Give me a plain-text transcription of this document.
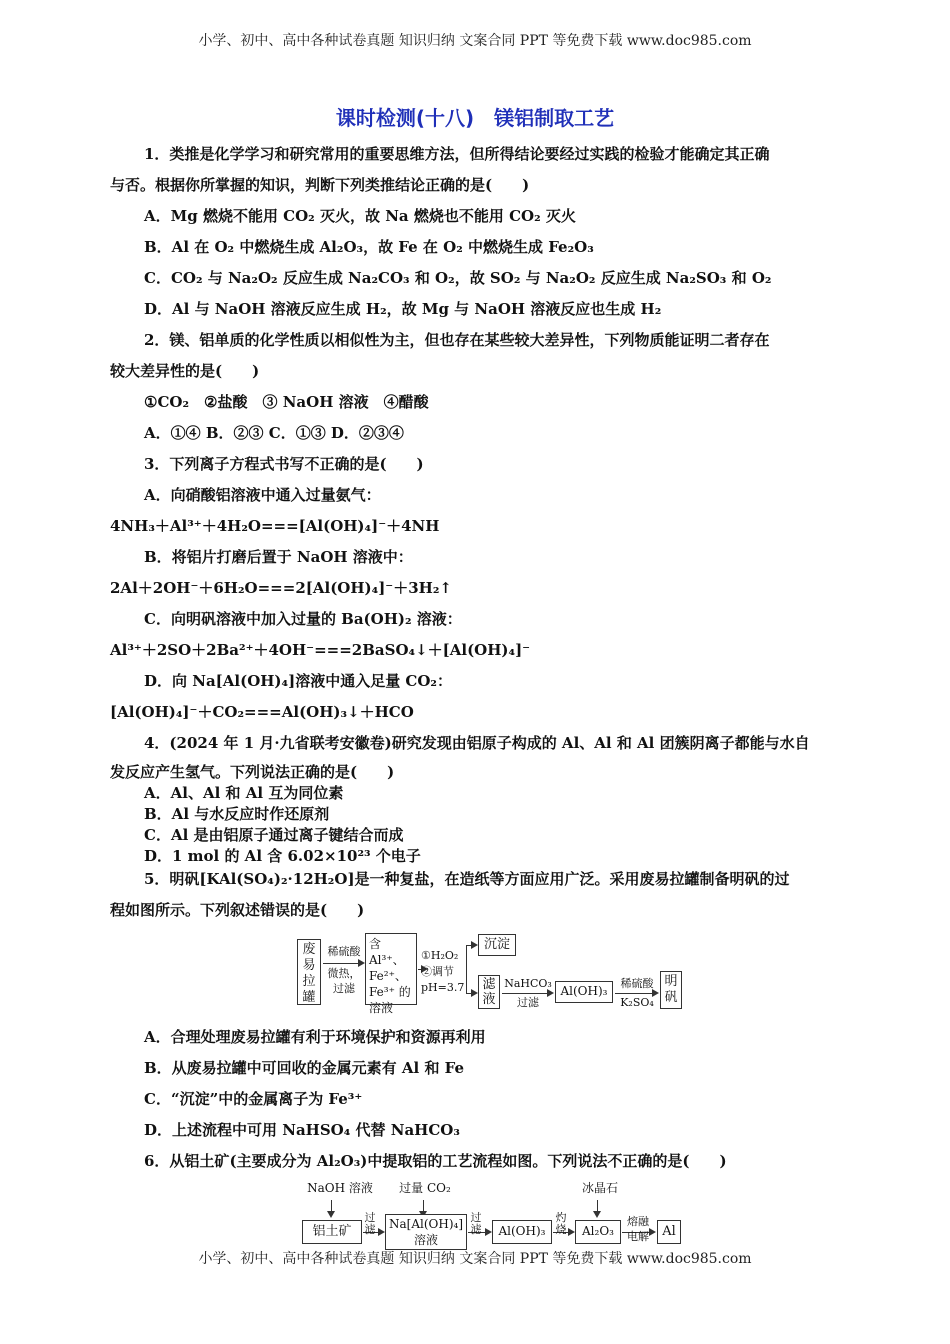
小学、初中、高中各种试卷真题 知识归纳 文案合同 PPT 等免费下载 www.doc985.com
课时检测(十八)　镁铝制取工艺
1．类推是化学学习和研究常用的重要思维方法，但所得结论要经过实践的检验才能确定其正确
与否。根据你所掌握的知识，判断下列类推结论正确的是(　　)
A．Mg 燃烧不能用 CO₂ 灭火，故 Na 燃烧也不能用 CO₂ 灭火
B．Al 在 O₂ 中燃烧生成 Al₂O₃，故 Fe 在 O₂ 中燃烧生成 Fe₂O₃
C．CO₂ 与 Na₂O₂ 反应生成 Na₂CO₃ 和 O₂，故 SO₂ 与 Na₂O₂ 反应生成 Na₂SO₃ 和 O₂
D．Al 与 NaOH 溶液反应生成 H₂，故 Mg 与 NaOH 溶液反应也生成 H₂
2．镁、铝单质的化学性质以相似性为主，但也存在某些较大差异性，下列物质能证明二者存在
较大差异性的是(　　)
①CO₂　②盐酸　③ NaOH 溶液　④醋酸
A．①④ B．②③ C．①③ D．②③④
3．下列离子方程式书写不正确的是(　　)
A．向硝酸铝溶液中通入过量氨气：
4NH₃＋Al³⁺＋4H₂O===[Al(OH)₄]⁻＋4NH
B．将铝片打磨后置于 NaOH 溶液中：
2Al＋2OH⁻＋6H₂O===2[Al(OH)₄]⁻＋3H₂↑
C．向明矾溶液中加入过量的 Ba(OH)₂ 溶液：
Al³⁺＋2SO＋2Ba²⁺＋4OH⁻===2BaSO₄↓＋[Al(OH)₄]⁻
D．向 Na[Al(OH)₄]溶液中通入足量 CO₂：
[Al(OH)₄]⁻＋CO₂===Al(OH)₃↓＋HCO
4．(2024 年 1 月·九省联考安徽卷)研究发现由铝原子构成的 Al、Al 和 Al 团簇阴离子都能与水自
发反应产生氢气。下列说法正确的是(　　)
A．Al、Al 和 Al 互为同位素
B．Al 与水反应时作还原剂
C．Al 是由铝原子通过离子键结合而成
D．1 mol 的 Al 含 6.02×10²³ 个电子
5．明矾[KAl(SO₄)₂·12H₂O]是一种复盐，在造纸等方面应用广泛。采用废易拉罐制备明矾的过
程如图所示。下列叙述错误的是(　　)
废易拉罐
稀硫酸
微热，
过滤
含 Al³⁺、
Fe²⁺、
Fe³⁺ 的
溶液
①H₂O₂
②调节
pH=3.7
沉淀
滤液
NaHCO₃
过滤
Al(OH)₃
稀硫酸
K₂SO₄
明矾
A．合理处理废易拉罐有利于环境保护和资源再利用
B．从废易拉罐中可回收的金属元素有 Al 和 Fe
C．“沉淀”中的金属离子为 Fe³⁺
D．上述流程中可用 NaHSO₄ 代替 NaHCO₃
6．从铝土矿(主要成分为 Al₂O₃)中提取铝的工艺流程如图。下列说法不正确的是(　　)
NaOH 溶液	过量 CO₂	冰晶石
铝土矿
过滤 Na[Al(OH)₄]
溶液
过滤	Al(OH)₃
灼烧	Al₂O₃
熔融电解	Al
小学、初中、高中各种试卷真题 知识归纳 文案合同 PPT 等免费下载 www.doc985.com
